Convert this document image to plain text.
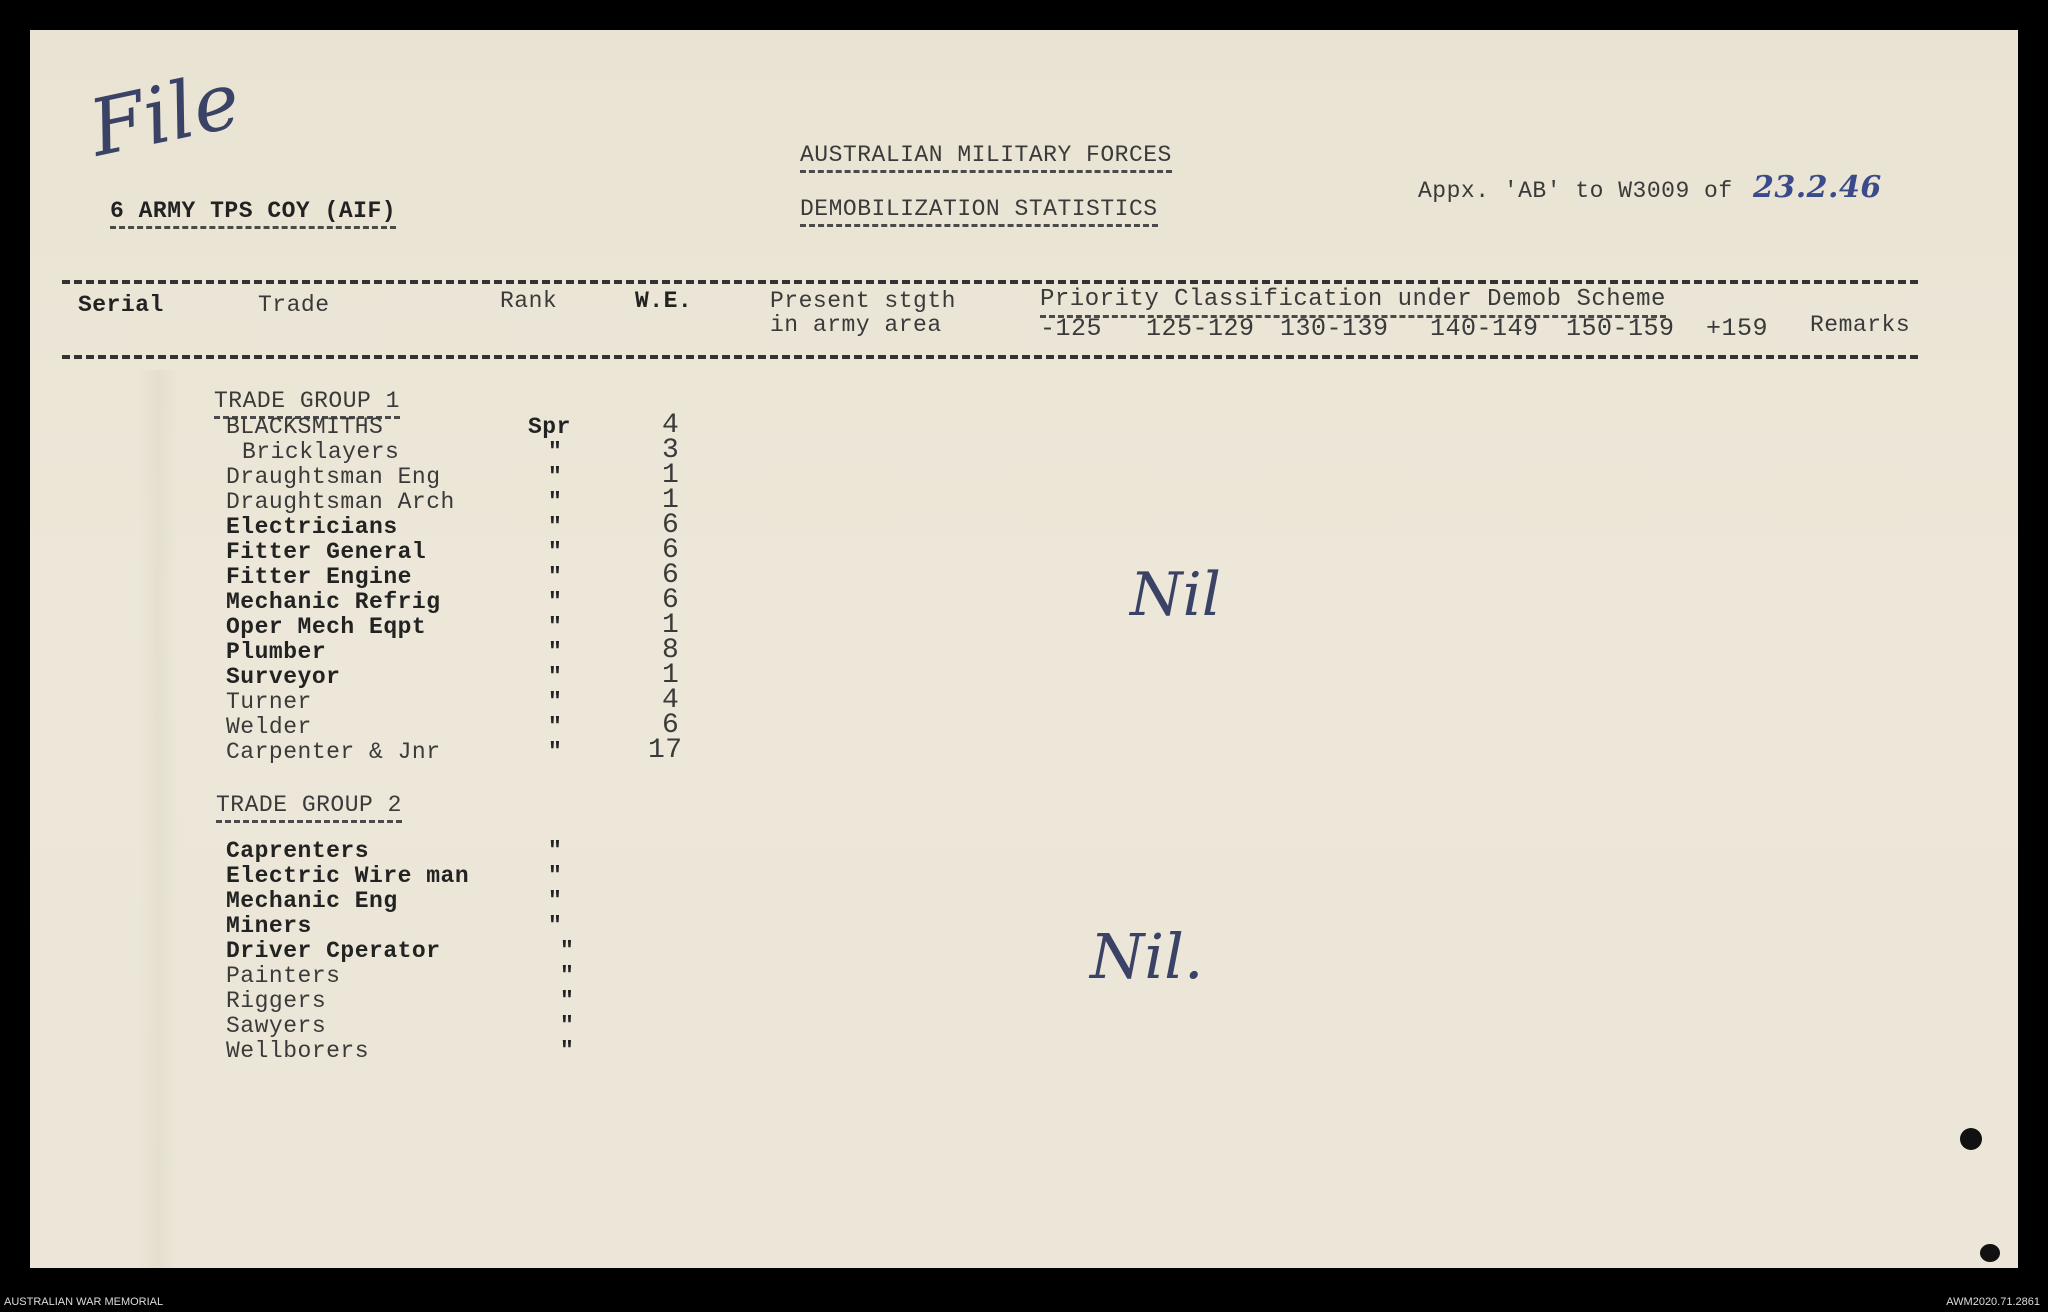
File
6 ARMY TPS COY (AIF)
AUSTRALIAN MILITARY FORCES
DEMOBILIZATION STATISTICS
Appx. 'AB' to W3009 of 23.2.46
Serial	Trade	Rank	W.E.	Present stgth
in army area
Priority Classification under Demob Scheme
-125 125-129 130-139 140-149 150-159 +159 Remarks
TRADE GROUP 1
BLACKSMITHS	Spr	4
Bricklayers	"	3
Draughtsman Eng	"	1
Draughtsman Arch	"	1
Electricians	"	6
Fitter General	"	6
Fitter Engine	"	6
Mechanic Refrig	"	6
Oper Mech Eqpt	"	1
Plumber	"	8
Surveyor	"	1
Turner	"	4
Welder	"	6
Carpenter & Jnr	"	17
Nil
TRADE GROUP 2
Caprenters	"
Electric Wire man	"
Mechanic Eng	"
Miners	"
Driver Cperator	"
Painters	"
Riggers	"
Sawyers	"
Wellborers	"
Nil.
AUSTRALIAN WAR MEMORIAL	AWM2020.71.2861
